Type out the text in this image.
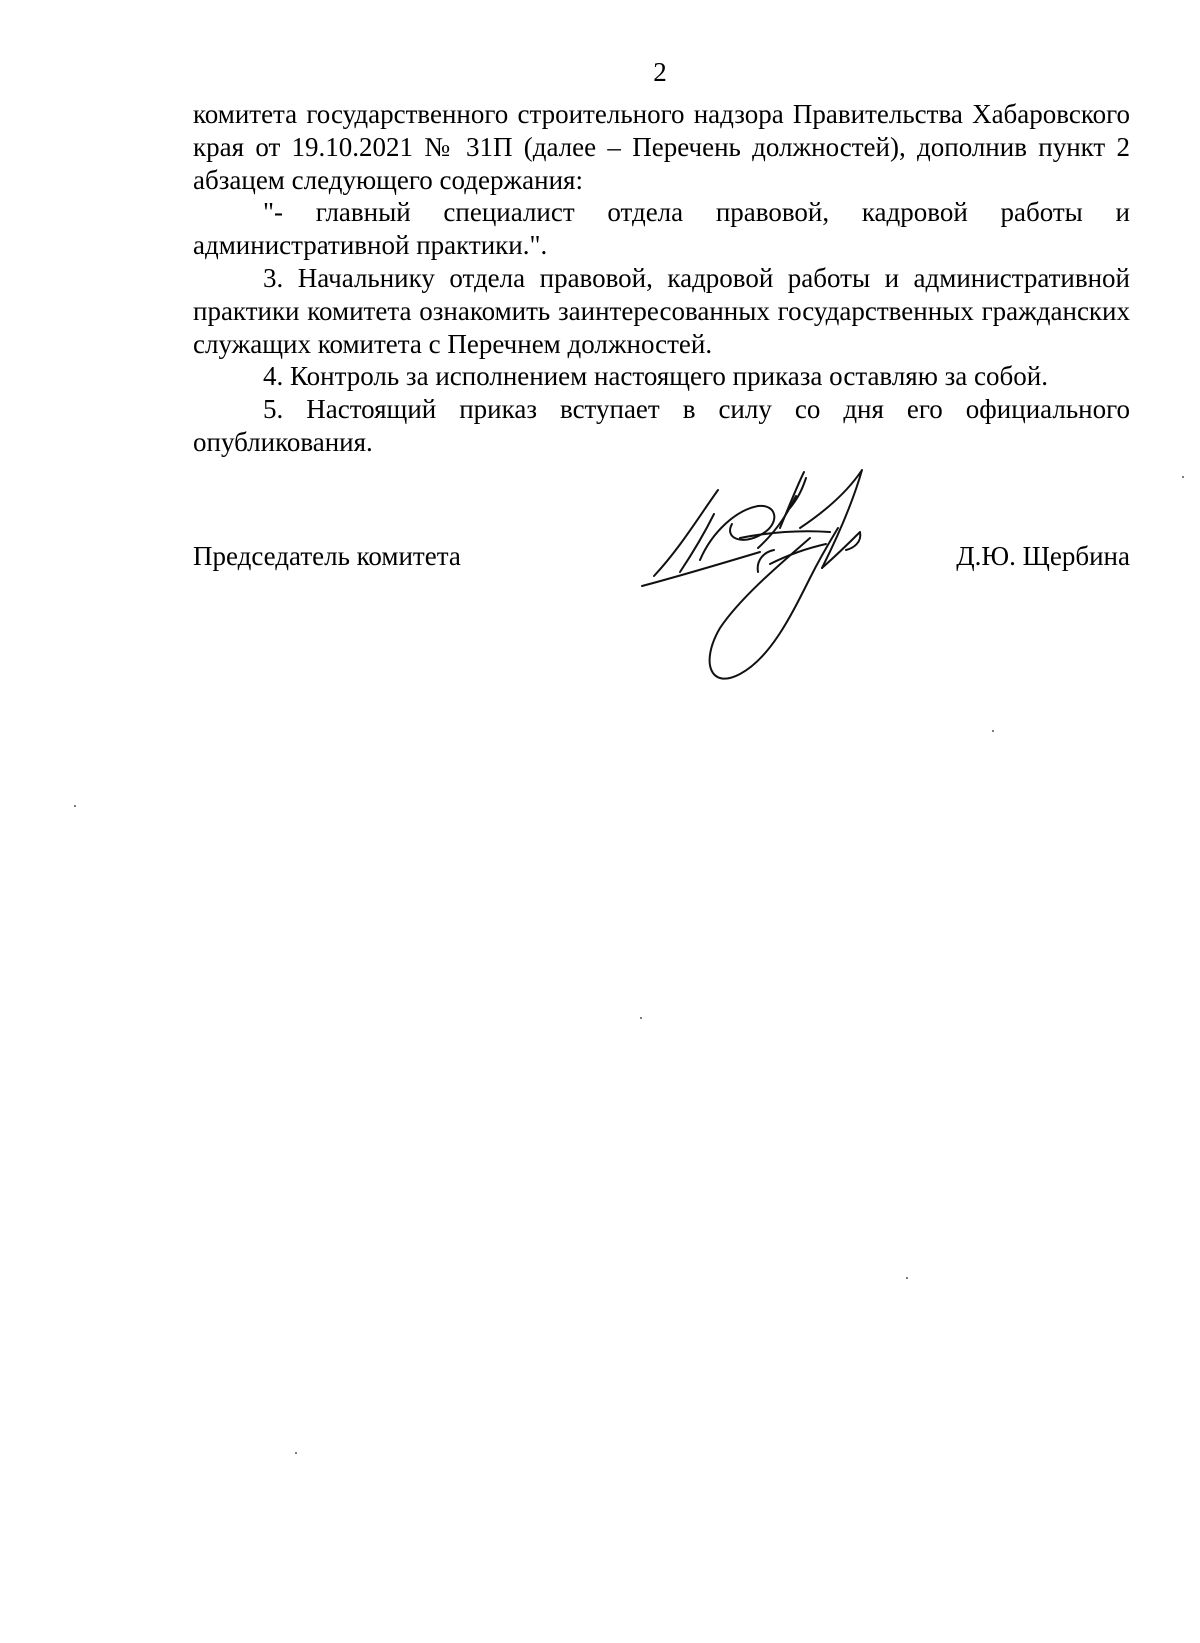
2

комитета государственного строительного надзора Правительства Хабаровского края от 19.10.2021 № 31П (далее – Перечень должностей), дополнив пункт 2 абзацем следующего содержания:

"- главный специалист отдела правовой, кадровой работы и административной практики.".

3. Начальнику отдела правовой, кадровой работы и административной практики комитета ознакомить заинтересованных государственных гражданских служащих комитета с Перечнем должностей.

4. Контроль за исполнением настоящего приказа оставляю за собой.

5. Настоящий приказ вступает в силу со дня его официального опубликования.

Председатель комитета	Д.Ю. Щербина
